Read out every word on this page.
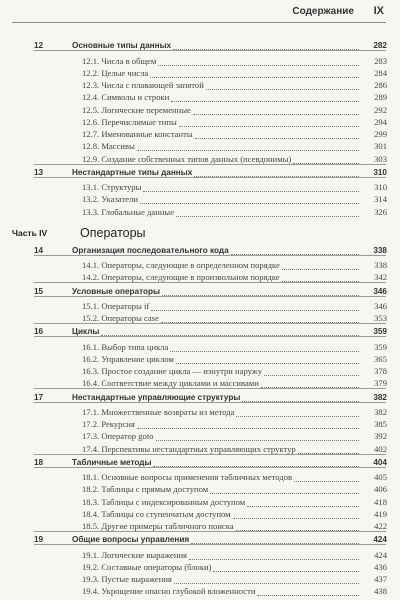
Содержание IX
12	Основные типы данных	282
12.1. Числа в общем	283
12.2. Целые числа	284
12.3. Числа с плавающей запятой	286
12.4. Символы и строки	289
12.5. Логические переменные	292
12.6. Перечислимые типы	294
12.7. Именованные константы	299
12.8. Массивы	301
12.9. Создание собственных типов данных (псевдонимы)	303
13	Нестандартные типы данных	310
13.1. Структуры	310
13.2. Указатели	314
13.3. Глобальные данные	326
Часть IV	Операторы
14	Организация последовательного кода	338
14.1. Операторы, следующие в определенном порядке	338
14.2. Операторы, следующие в произвольном порядке	342
15	Условные операторы	346
15.1. Операторы if	346
15.2. Операторы case	353
16	Циклы	359
16.1. Выбор типа цикла	359
16.2. Управление циклом	365
16.3. Простое создание цикла — изнутри наружу	378
16.4. Соответствие между циклами и массивами	379
17	Нестандартные управляющие структуры	382
17.1. Множественные возвраты из метода	382
17.2. Рекурсия	385
17.3. Оператор goto	392
17.4. Перспективы нестандартных управляющих структур	402
18	Табличные методы	404
18.1. Основные вопросы применения табличных методов	405
18.2. Таблицы с прямым доступом	406
18.3. Таблицы с индексированным доступом	418
18.4. Таблицы со ступенчатым доступом	419
18.5. Другие примеры табличного поиска	422
19	Общие вопросы управления	424
19.1. Логические выражения	424
19.2. Составные операторы (блоки)	436
19.3. Пустые выражения	437
19.4. Укрощение опасно глубокой вложенности	438
